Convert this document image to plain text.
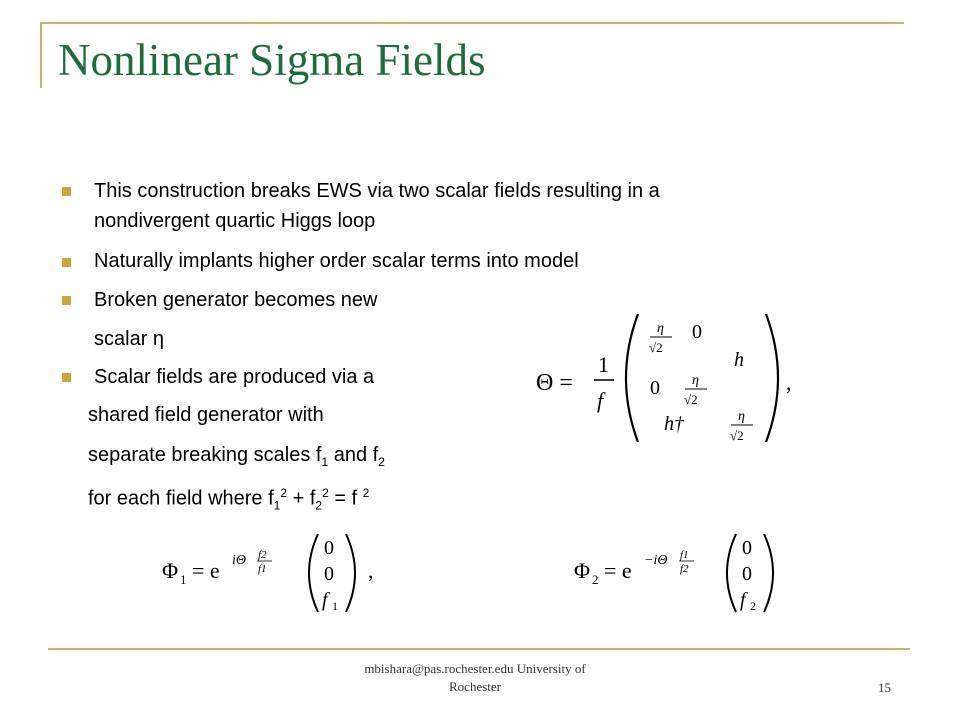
Nonlinear Sigma Fields
This construction breaks EWS via two scalar fields resulting in a
nondivergent quartic Higgs loop
Naturally implants higher order scalar terms into model
Broken generator becomes new
scalar η
Scalar fields are produced via a
shared field generator with
separate breaking scales $f_1$ and $f_2$
for each field where $f_1^2 + f_2^2 = f$ $^2$
Θ =
1
f
η
√2
0
h
0 η
√2
h†	η
√2
,
Φ 1 = e iΘ f2
f1
0
0
f 1
,	Φ 2 = e −iΘ f1
f2
0
0
f 2
mbishara@pas.rochester.edu University of
Rochester	15
